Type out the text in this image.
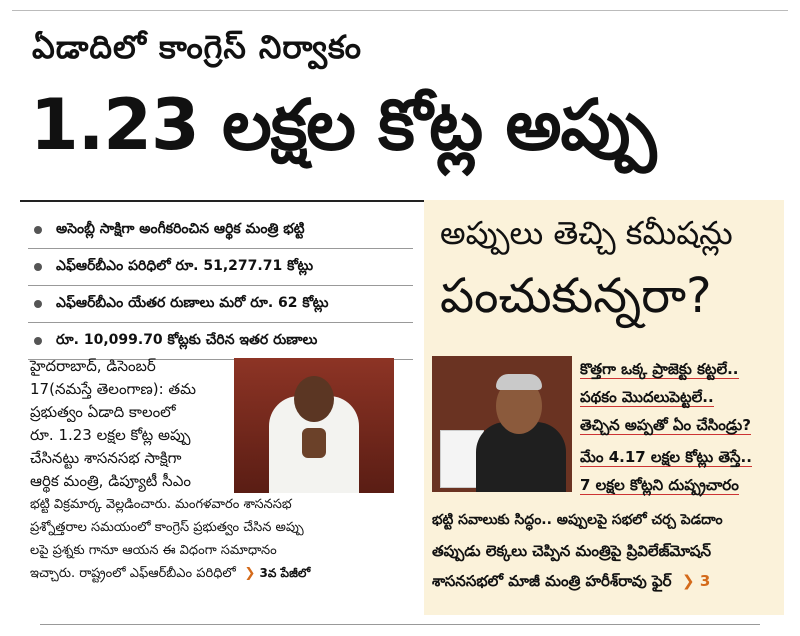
ఏడాదిలో కాంగ్రెస్ నిర్వాకం
1.23 లక్షల కోట్ల అప్పు
అసెంబ్లీ సాక్షిగా అంగీకరించిన ఆర్థిక మంత్రి భట్టి
ఎఫ్ఆర్‌బీఎం పరిధిలో రూ. 51,277.71 కోట్లు
ఎఫ్ఆర్‌బీఎం యేతర రుణాలు మరో రూ. 62 కోట్లు
రూ. 10,099.70 కోట్లకు చేరిన ఇతర రుణాలు

హైదరాబాద్, డిసెంబర్

17(నమస్తే తెలంగాణ): తమ

ప్రభుత్వం ఏడాది కాలంలో

రూ. 1.23 లక్షల కోట్ల అప్పు

చేసినట్టు శాసనసభ సాక్షిగా

ఆర్థిక మంత్రి, డిప్యూటీ సీఎం

భట్టి విక్రమార్క వెల్లడించారు. మంగళవారం శాసనసభ

ప్రశ్నోత్తరాల సమయంలో కాంగ్రెస్ ప్రభుత్వం చేసిన అప్పు

లపై ప్రశ్నకు గానూ ఆయన ఈ విధంగా సమాధానం

ఇచ్చారు. రాష్ట్రంలో ఎఫ్ఆర్‌బీఎం పరిధిలో  ❯ 3వ పేజీలో

అప్పులు తెచ్చి కమీషన్లు
పంచుకున్నరా?
కొత్తగా ఒక్క ప్రాజెక్టు కట్టలే..
పథకం మొదలుపెట్టలే..
తెచ్చిన అప్పతో ఏం చేసిండ్రు?
మేం 4.17 లక్షల కోట్లు తెస్తే..
7 లక్షల కోట్లని దుష్ప్రచారం
భట్టి సవాలుకు సిద్ధం.. అప్పులపై సభలో చర్చ పెడదాం
తప్పుడు లెక్కలు చెప్పిన మంత్రిపై ప్రివిలేజ్‌మోషన్
శాసనసభలో మాజీ మంత్రి హరీశ్‌రావు ఫైర్  ❯ 3
